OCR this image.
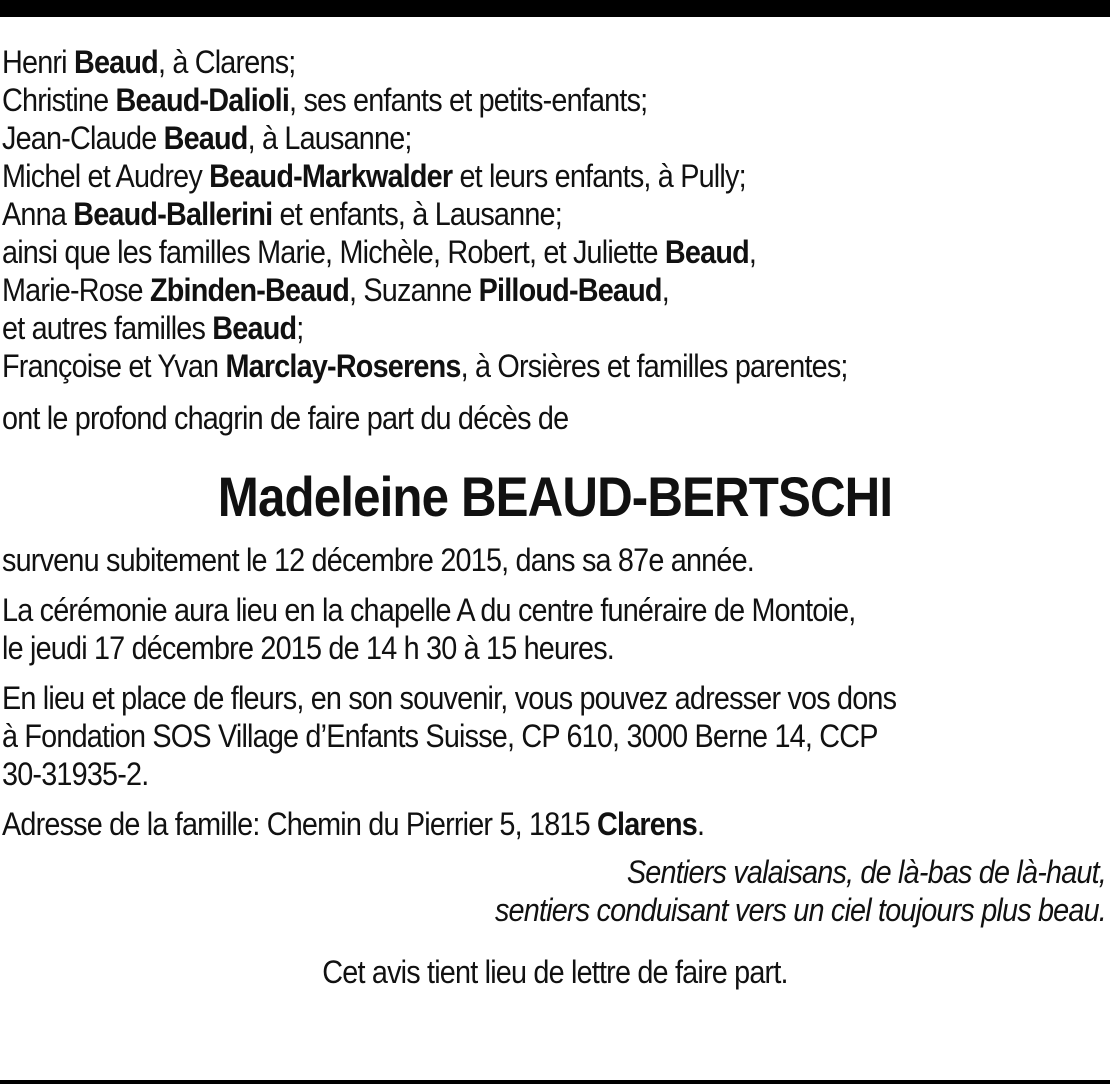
Henri Beaud, à Clarens;
Christine Beaud-Dalioli, ses enfants et petits-enfants;
Jean-Claude Beaud, à Lausanne;
Michel et Audrey Beaud-Markwalder et leurs enfants, à Pully;
Anna Beaud-Ballerini et enfants, à Lausanne;
ainsi que les familles Marie, Michèle, Robert, et Juliette Beaud,
Marie-Rose Zbinden-Beaud, Suzanne Pilloud-Beaud,
et autres familles Beaud;
Françoise et Yvan Marclay-Roserens, à Orsières et familles parentes;
ont le profond chagrin de faire part du décès de
Madeleine BEAUD-BERTSCHI
survenu subitement le 12 décembre 2015, dans sa 87e année.
La cérémonie aura lieu en la chapelle A du centre funéraire de Montoie,
le jeudi 17 décembre 2015 de 14 h 30 à 15 heures.
En lieu et place de fleurs, en son souvenir, vous pouvez adresser vos dons
à Fondation SOS Village d’Enfants Suisse, CP 610, 3000 Berne 14, CCP
30-31935-2.
Adresse de la famille: Chemin du Pierrier 5, 1815 Clarens.
Sentiers valaisans, de là-bas de là-haut,
sentiers conduisant vers un ciel toujours plus beau.
Cet avis tient lieu de lettre de faire part.
